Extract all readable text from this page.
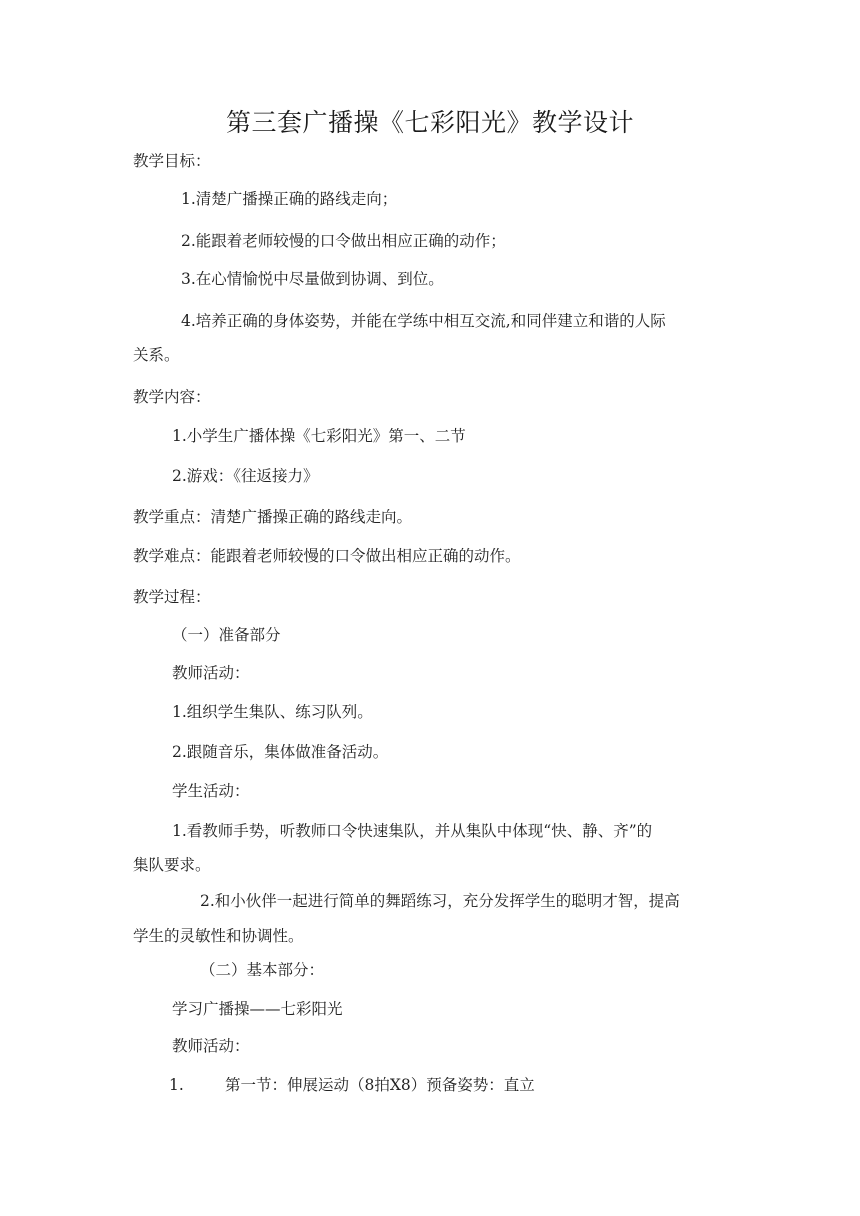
第三套广播操《七彩阳光》教学设计
教学目标：
1.清楚广播操正确的路线走向；
2.能跟着老师较慢的口令做出相应正确的动作；
3.在心情愉悦中尽量做到协调、到位。
4.培养正确的身体姿势，并能在学练中相互交流,和同伴建立和谐的人际
关系。
教学内容：
1.小学生广播体操《七彩阳光》第一、二节
2.游戏：《往返接力》
教学重点：清楚广播操正确的路线走向。
教学难点：能跟着老师较慢的口令做出相应正确的动作。
教学过程：
（一）准备部分
教师活动：
1.组织学生集队、练习队列。
2.跟随音乐，集体做准备活动。
学生活动：
1.看教师手势，听教师口令快速集队，并从集队中体现“快、静、齐”的
集队要求。
2.和小伙伴一起进行简单的舞蹈练习，充分发挥学生的聪明才智，提高
学生的灵敏性和协调性。
（二）基本部分：
学习广播操——七彩阳光
教师活动：
1.	第一节：伸展运动（8拍X8）预备姿势：直立
